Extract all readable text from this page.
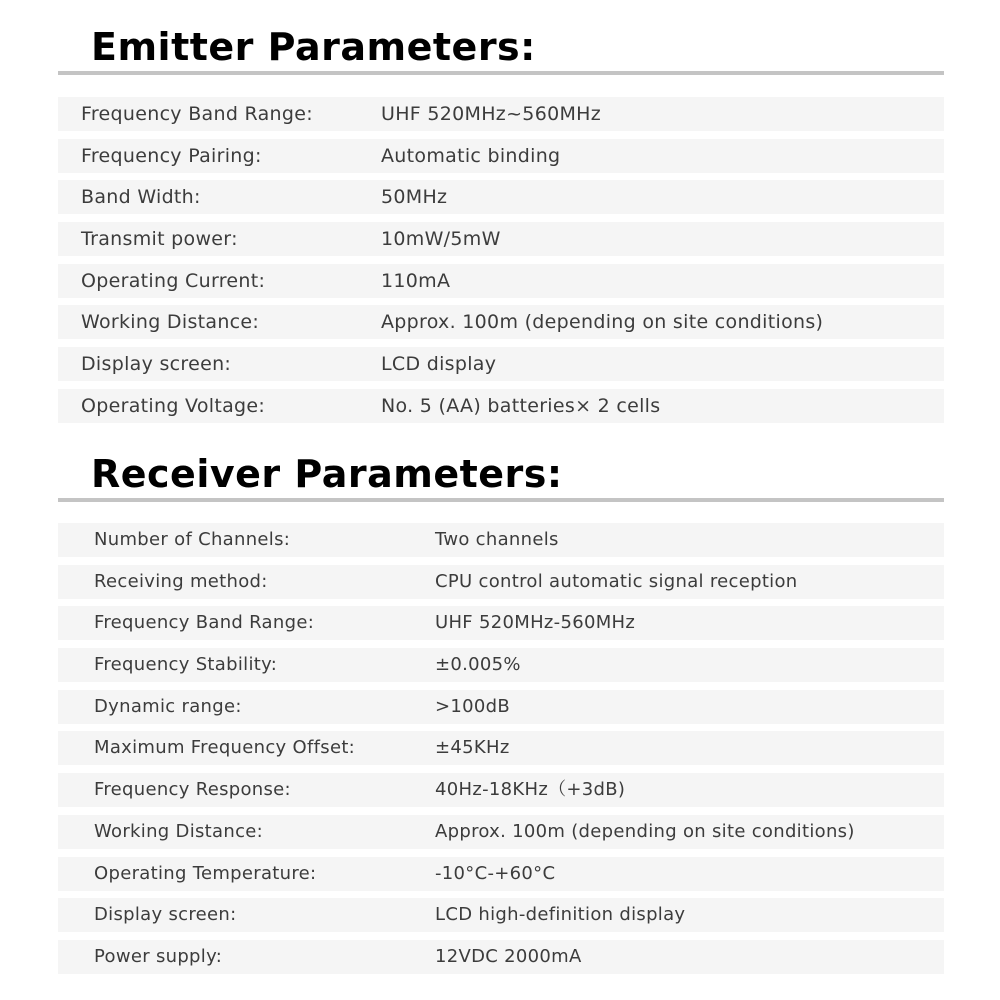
Emitter Parameters:
Frequency Band Range:	UHF 520MHz~560MHz
Frequency Pairing:	Automatic binding
Band Width:	50MHz
Transmit power:	10mW/5mW
Operating Current:	110mA
Working Distance:	Approx. 100m (depending on site conditions)
Display screen:	LCD display
Operating Voltage:	No. 5 (AA) batteries× 2 cells
Receiver Parameters:
Number of Channels:	Two channels
Receiving method:	CPU control automatic signal reception
Frequency Band Range:	UHF 520MHz-560MHz
Frequency Stability:	±0.005%
Dynamic range:	>100dB
Maximum Frequency Offset:	±45KHz
Frequency Response:	40Hz-18KHz（+3dB)
Working Distance:	Approx. 100m (depending on site conditions)
Operating Temperature:	-10°C-+60°C
Display screen:	LCD high-definition display
Power supply:	12VDC 2000mA
